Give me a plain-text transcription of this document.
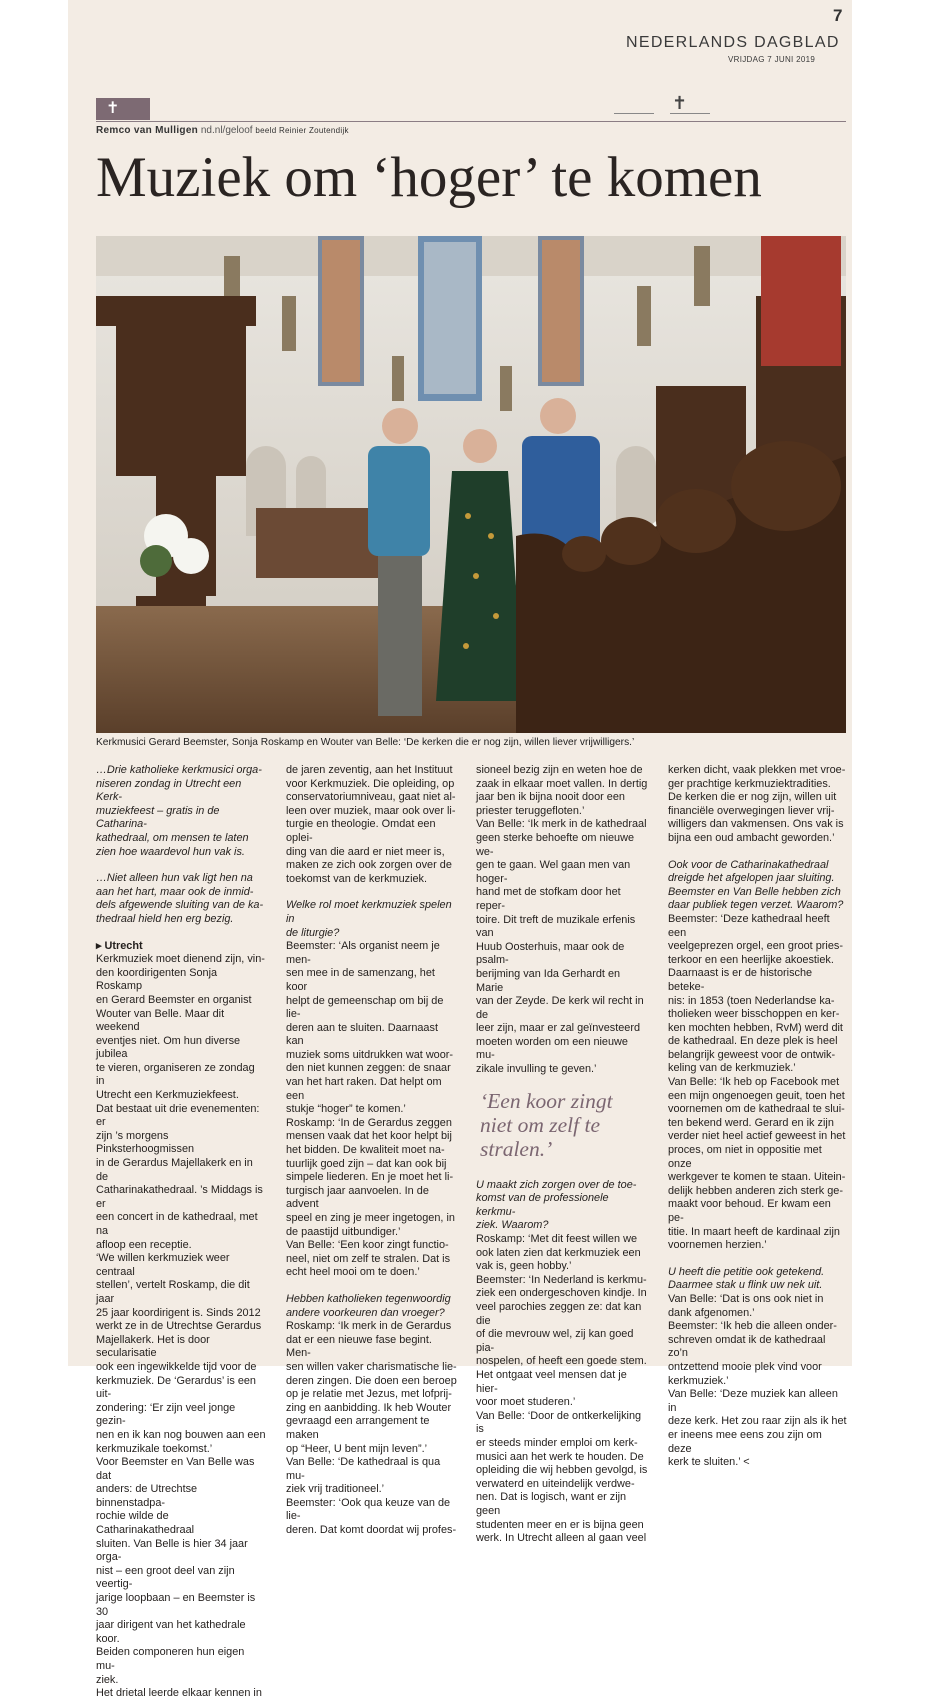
7
NEDERLANDS DAGBLAD
VRIJDAG 7 JUNI 2019
✝	✝
Remco van Mulligen nd.nl/geloof beeld Reinier Zoutendijk
Muziek om ‘hoger’ te komen
Kerkmusici Gerard Beemster, Sonja Roskamp en Wouter van Belle: ‘De kerken die er nog zijn, willen liever vrijwilligers.’

…Drie katholieke kerkmusici orga-

niseren zondag in Utrecht een Kerk-

muziekfeest – gratis in de Catharina-

kathedraal, om mensen te laten

zien hoe waardevol hun vak is.

…Niet alleen hun vak ligt hen na

aan het hart, maar ook de inmid-

dels afgewende sluiting van de ka-

thedraal hield hen erg bezig.

▸ Utrecht

Kerkmuziek moet dienend zijn, vin-

den koordirigenten Sonja Roskamp

en Gerard Beemster en organist

Wouter van Belle. Maar dit weekend

eventjes niet. Om hun diverse jubilea

te vieren, organiseren ze zondag in

Utrecht een Kerkmuziekfeest.

Dat bestaat uit drie evenementen: er

zijn ’s morgens Pinksterhoogmissen

in de Gerardus Majellakerk en in de

Catharinakathedraal. ’s Middags is er

een concert in de kathedraal, met na

afloop een receptie.

‘We willen kerkmuziek weer centraal

stellen’, vertelt Roskamp, die dit jaar

25 jaar koordirigent is. Sinds 2012

werkt ze in de Utrechtse Gerardus

Majellakerk. Het is door secularisatie

ook een ingewikkelde tijd voor de

kerkmuziek. De ‘Gerardus’ is een uit-

zondering: ‘Er zijn veel jonge gezin-

nen en ik kan nog bouwen aan een

kerkmuzikale toekomst.’

Voor Beemster en Van Belle was dat

anders: de Utrechtse binnenstadpa-

rochie wilde de Catharinakathedraal

sluiten. Van Belle is hier 34 jaar orga-

nist – een groot deel van zijn veertig-

jarige loopbaan – en Beemster is 30

jaar dirigent van het kathedrale koor.

Beiden componeren hun eigen mu-

ziek.

Het drietal leerde elkaar kennen in

de jaren zeventig, aan het Instituut

voor Kerkmuziek. Die opleiding, op

conservatoriumniveau, gaat niet al-

leen over muziek, maar ook over li-

turgie en theologie. Omdat een oplei-

ding van die aard er niet meer is,

maken ze zich ook zorgen over de

toekomst van de kerkmuziek.

Welke rol moet kerkmuziek spelen in

de liturgie?

Beemster: ‘Als organist neem je men-

sen mee in de samenzang, het koor

helpt de gemeenschap om bij de lie-

deren aan te sluiten. Daarnaast kan

muziek soms uitdrukken wat woor-

den niet kunnen zeggen: de snaar

van het hart raken. Dat helpt om een

stukje “hoger” te komen.’

Roskamp: ‘In de Gerardus zeggen

mensen vaak dat het koor helpt bij

het bidden. De kwaliteit moet na-

tuurlijk goed zijn – dat kan ook bij

simpele liederen. En je moet het li-

turgisch jaar aanvoelen. In de advent

speel en zing je meer ingetogen, in

de paastijd uitbundiger.’

Van Belle: ‘Een koor zingt functio-

neel, niet om zelf te stralen. Dat is

echt heel mooi om te doen.’

Hebben katholieken tegenwoordig

andere voorkeuren dan vroeger?

Roskamp: ‘Ik merk in de Gerardus

dat er een nieuwe fase begint. Men-

sen willen vaker charismatische lie-

deren zingen. Die doen een beroep

op je relatie met Jezus, met lofprij-

zing en aanbidding. Ik heb Wouter

gevraagd een arrangement te maken

op “Heer, U bent mijn leven”.’

Van Belle: ‘De kathedraal is qua mu-

ziek vrij traditioneel.’

Beemster: ‘Ook qua keuze van de lie-

deren. Dat komt doordat wij profes-

sioneel bezig zijn en weten hoe de

zaak in elkaar moet vallen. In dertig

jaar ben ik bijna nooit door een

priester teruggefloten.’

Van Belle: ‘Ik merk in de kathedraal

geen sterke behoefte om nieuwe we-

gen te gaan. Wel gaan men van hoger-

hand met de stofkam door het reper-

toire. Dit treft de muzikale erfenis van

Huub Oosterhuis, maar ook de psalm-

berijming van Ida Gerhardt en Marie

van der Zeyde. De kerk wil recht in de

leer zijn, maar er zal geïnvesteerd

moeten worden om een nieuwe mu-

zikale invulling te geven.’

‘Een koor zingt niet om zelf te stralen.’

U maakt zich zorgen over de toe-

komst van de professionele kerkmu-

ziek. Waarom?

Roskamp: ‘Met dit feest willen we

ook laten zien dat kerkmuziek een

vak is, geen hobby.’

Beemster: ‘In Nederland is kerkmu-

ziek een ondergeschoven kindje. In

veel parochies zeggen ze: dat kan die

of die mevrouw wel, zij kan goed pia-

nospelen, of heeft een goede stem.

Het ontgaat veel mensen dat je hier-

voor moet studeren.’

Van Belle: ‘Door de ontkerkelijking is

er steeds minder emploi om kerk-

musici aan het werk te houden. De

opleiding die wij hebben gevolgd, is

verwaterd en uiteindelijk verdwe-

nen. Dat is logisch, want er zijn geen

studenten meer en er is bijna geen

werk. In Utrecht alleen al gaan veel

kerken dicht, vaak plekken met vroe-

ger prachtige kerkmuziektradities.

De kerken die er nog zijn, willen uit

financiële overwegingen liever vrij-

willigers dan vakmensen. Ons vak is

bijna een oud ambacht geworden.’

Ook voor de Catharinakathedraal

dreigde het afgelopen jaar sluiting.

Beemster en Van Belle hebben zich

daar publiek tegen verzet. Waarom?

Beemster: ‘Deze kathedraal heeft een

veelgeprezen orgel, een groot pries-

terkoor en een heerlijke akoestiek.

Daarnaast is er de historische beteke-

nis: in 1853 (toen Nederlandse ka-

tholieken weer bisschoppen en ker-

ken mochten hebben, RvM) werd dit

de kathedraal. En deze plek is heel

belangrijk geweest voor de ontwik-

keling van de kerkmuziek.’

Van Belle: ‘Ik heb op Facebook met

een mijn ongenoegen geuit, toen het

voornemen om de kathedraal te slui-

ten bekend werd. Gerard en ik zijn

verder niet heel actief geweest in het

proces, om niet in oppositie met onze

werkgever te komen te staan. Uitein-

delijk hebben anderen zich sterk ge-

maakt voor behoud. Er kwam een pe-

titie. In maart heeft de kardinaal zijn

voornemen herzien.’

U heeft die petitie ook getekend.

Daarmee stak u flink uw nek uit.

Van Belle: ‘Dat is ons ook niet in

dank afgenomen.’

Beemster: ‘Ik heb die alleen onder-

schreven omdat ik de kathedraal zo’n

ontzettend mooie plek vind voor

kerkmuziek.’

Van Belle: ‘Deze muziek kan alleen in

deze kerk. Het zou raar zijn als ik het

er ineens mee eens zou zijn om deze

kerk te sluiten.’ <
